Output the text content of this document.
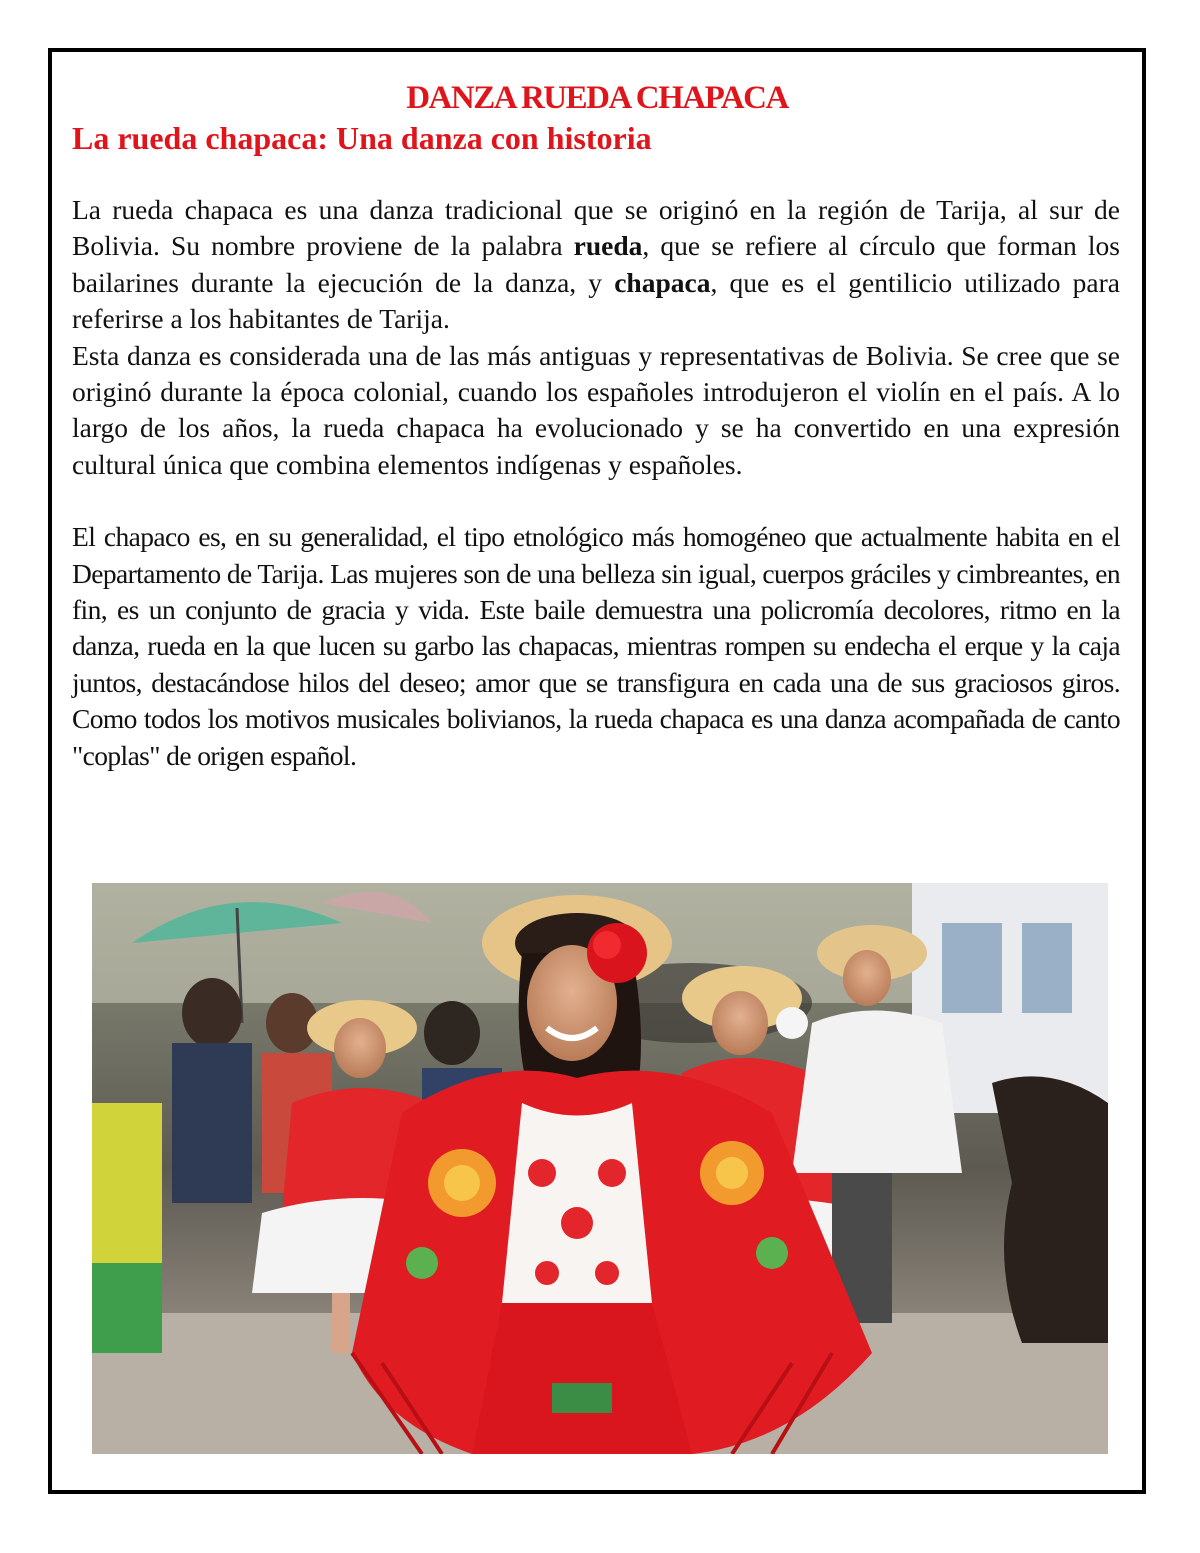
DANZA RUEDA CHAPACA
La rueda chapaca: Una danza con historia

La rueda chapaca es una danza tradicional que se originó en la región de Tarija, al sur de Bolivia. Su nombre proviene de la palabra rueda, que se refiere al círculo que forman los bailarines durante la ejecución de la danza, y chapaca, que es el gentilicio utilizado para referirse a los habitantes de Tarija.

Esta danza es considerada una de las más antiguas y representativas de Bolivia. Se cree que se originó durante la época colonial, cuando los españoles introdujeron el violín en el país. A lo largo de los años, la rueda chapaca ha evolucionado y se ha convertido en una expresión cultural única que combina elementos indígenas y españoles.

El chapaco es, en su generalidad, el tipo etnológico más homogéneo que actualmente habita en el Departamento de Tarija. Las mujeres son de una belleza sin igual, cuerpos gráciles y cimbreantes, en fin, es un conjunto de gracia y vida. Este baile demuestra una policromía decolores, ritmo en la danza, rueda en la que lucen su garbo las chapacas, mientras rompen su endecha el erque y la caja juntos, destacándose hilos del deseo; amor que se transfigura en cada una de sus graciosos giros. Como todos los motivos musicales bolivianos, la rueda chapaca es una danza acompañada de canto "coplas" de origen español.
